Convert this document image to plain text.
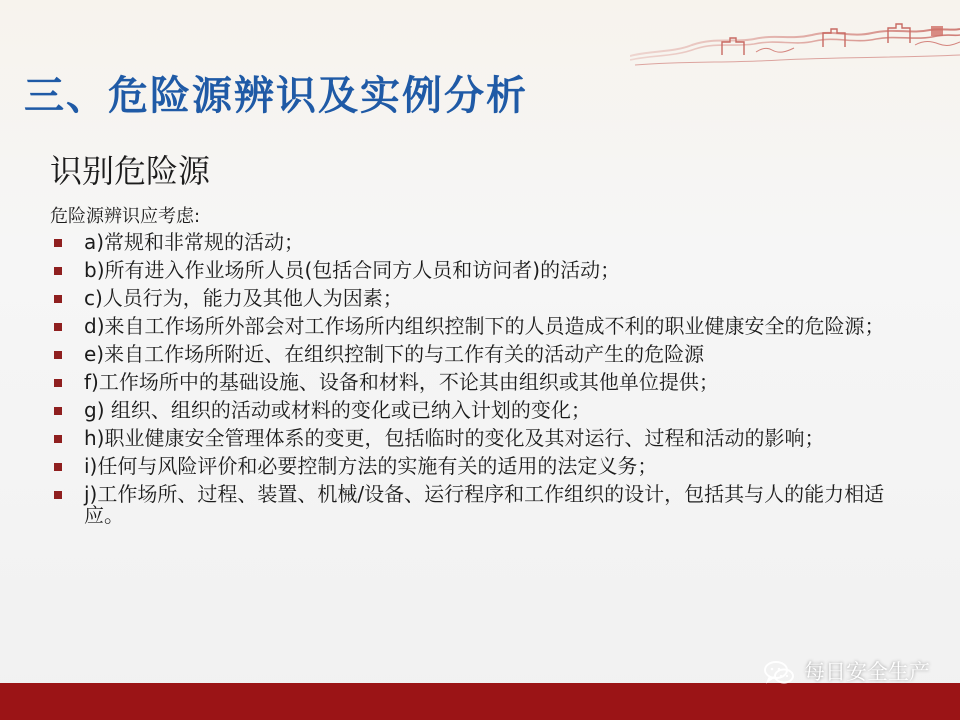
三、危险源辨识及实例分析
识别危险源

危险源辨识应考虑:

a)常规和非常规的活动；
b)所有进入作业场所人员(包括合同方人员和访问者)的活动；
c)人员行为，能力及其他人为因素；
d)来自工作场所外部会对工作场所内组织控制下的人员造成不利的职业健康安全的危险源；
e)来自工作场所附近、在组织控制下的与工作有关的活动产生的危险源
f)工作场所中的基础设施、设备和材料，不论其由组织或其他单位提供；
g) 组织、组织的活动或材料的变化或已纳入计划的变化；
h)职业健康安全管理体系的变更，包括临时的变化及其对运行、过程和活动的影响；
i)任何与风险评价和必要控制方法的实施有关的适用的法定义务；
j)工作场所、过程、装置、机械/设备、运行程序和工作组织的设计，包括其与人的能力相适应。
每日安全生产
